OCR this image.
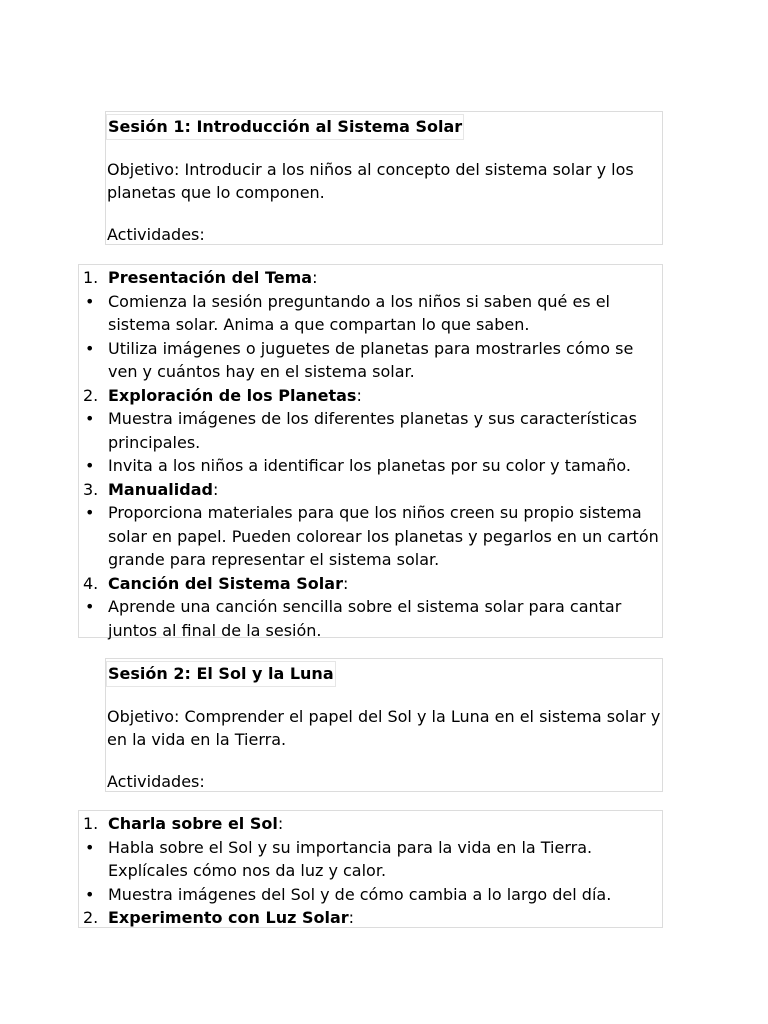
Sesión 1: Introducción al Sistema Solar

Objetivo: Introducir a los niños al concepto del sistema solar y los planetas que lo componen.

Actividades:

1. Presentación del Tema:
• Comienza la sesión preguntando a los niños si saben qué es el sistema solar. Anima a que compartan lo que saben.
• Utiliza imágenes o juguetes de planetas para mostrarles cómo se ven y cuántos hay en el sistema solar.
2. Exploración de los Planetas:
• Muestra imágenes de los diferentes planetas y sus características principales.
• Invita a los niños a identificar los planetas por su color y tamaño.
3. Manualidad:
• Proporciona materiales para que los niños creen su propio sistema solar en papel. Pueden colorear los planetas y pegarlos en un cartón grande para representar el sistema solar.
4. Canción del Sistema Solar:
• Aprende una canción sencilla sobre el sistema solar para cantar juntos al final de la sesión.
Sesión 2: El Sol y la Luna

Objetivo: Comprender el papel del Sol y la Luna en el sistema solar y en la vida en la Tierra.

Actividades:

1. Charla sobre el Sol:
• Habla sobre el Sol y su importancia para la vida en la Tierra. Explícales cómo nos da luz y calor.
• Muestra imágenes del Sol y de cómo cambia a lo largo del día.
2. Experimento con Luz Solar:
